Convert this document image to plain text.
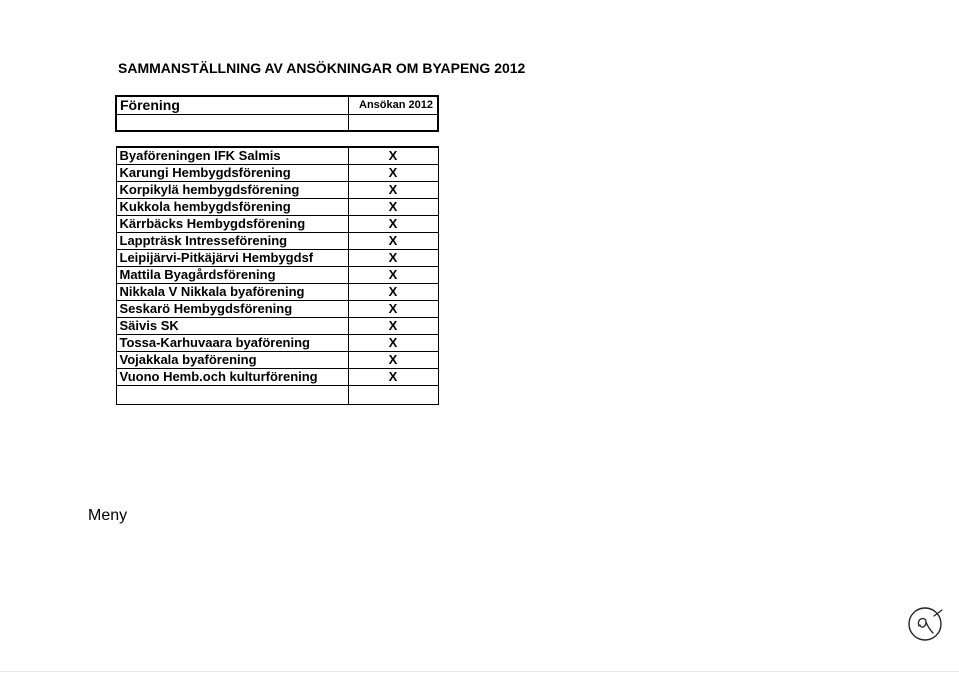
SAMMANSTÄLLNING AV ANSÖKNINGAR OM BYAPENG 2012
Förening	Ansökan 2012

Byaföreningen IFK Salmis	X
Karungi Hembygdsförening	X
Korpikylä hembygdsförening	X
Kukkola hembygdsförening	X
Kärrbäcks Hembygdsförening	X
Lappträsk Intresseförening	X
Leipijärvi-Pitkäjärvi Hembygdsf	X
Mattila Byagårdsförening	X
Nikkala V Nikkala byaförening	X
Seskarö Hembygdsförening	X
Säivis SK	X
Tossa-Karhuvaara byaförening	X
Vojakkala byaförening	X
Vuono Hemb.och kulturförening	X

Meny
